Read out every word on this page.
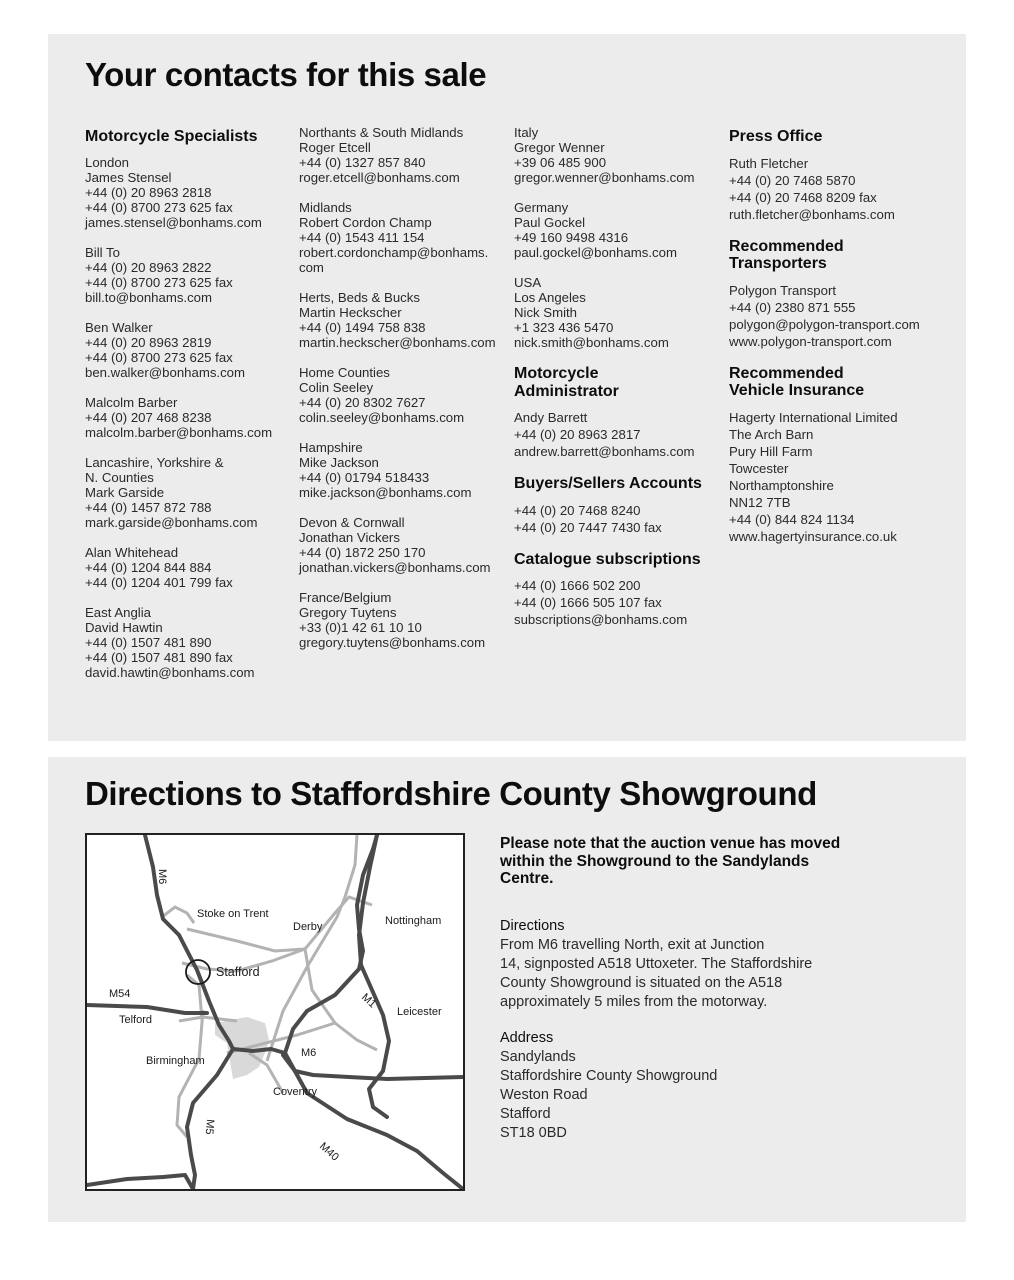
Your contacts for this sale
Motorcycle Specialists
London
James Stensel
+44 (0) 20 8963 2818
+44 (0) 8700 273 625 fax
james.stensel@bonhams.com
Bill To
+44 (0) 20 8963 2822
+44 (0) 8700 273 625 fax
bill.to@bonhams.com
Ben Walker
+44 (0) 20 8963 2819
+44 (0) 8700 273 625 fax
ben.walker@bonhams.com
Malcolm Barber
+44 (0) 207 468 8238
malcolm.barber@bonhams.com
Lancashire, Yorkshire &
N. Counties
Mark Garside
+44 (0) 1457 872 788
mark.garside@bonhams.com
Alan Whitehead
+44 (0) 1204 844 884
+44 (0) 1204 401 799 fax
East Anglia
David Hawtin
+44 (0) 1507 481 890
+44 (0) 1507 481 890 fax
david.hawtin@bonhams.com
Northants & South Midlands
Roger Etcell
+44 (0) 1327 857 840
roger.etcell@bonhams.com
Midlands
Robert Cordon Champ
+44 (0) 1543 411 154
robert.cordonchamp@bonhams.
com
Herts, Beds & Bucks
Martin Heckscher
+44 (0) 1494 758 838
martin.heckscher@bonhams.com
Home Counties
Colin Seeley
+44 (0) 20 8302 7627
colin.seeley@bonhams.com
Hampshire
Mike Jackson
+44 (0) 01794 518433
mike.jackson@bonhams.com
Devon & Cornwall
Jonathan Vickers
+44 (0) 1872 250 170
jonathan.vickers@bonhams.com
France/Belgium
Gregory Tuytens
+33 (0)1 42 61 10 10
gregory.tuytens@bonhams.com
Italy
Gregor Wenner
+39 06 485 900
gregor.wenner@bonhams.com
Germany
Paul Gockel
+49 160 9498 4316
paul.gockel@bonhams.com
USA
Los Angeles
Nick Smith
+1 323 436 5470
nick.smith@bonhams.com
Motorcycle
Administrator
Andy Barrett
+44 (0) 20 8963 2817
andrew.barrett@bonhams.com
Buyers/Sellers Accounts
+44 (0) 20 7468 8240
+44 (0) 20 7447 7430 fax
Catalogue subscriptions
+44 (0) 1666 502 200
+44 (0) 1666 505 107 fax
subscriptions@bonhams.com
Press Office
Ruth Fletcher
+44 (0) 20 7468 5870
+44 (0) 20 7468 8209 fax
ruth.fletcher@bonhams.com
Recommended
Transporters
Polygon Transport
+44 (0) 2380 871 555
polygon@polygon-transport.com
www.polygon-transport.com
Recommended
Vehicle Insurance
Hagerty International Limited
The Arch Barn
Pury Hill Farm
Towcester
Northamptonshire
NN12 7TB
+44 (0) 844 824 1134
www.hagertyinsurance.co.uk
Directions to Staffordshire County Showground
M6
Stoke on Trent
Derby	Nottingham
Stafford
M54	M1
Leicester
Telford
M6
Birmingham
Coventry
M5
M40

Please note that the auction venue has moved within the Showground to the Sandylands Centre.

Directions
From M6 travelling North, exit at Junction
14, signposted A518 Uttoxeter. The Staffordshire
County Showground is situated on the A518
approximately 5 miles from the motorway.
Address
Sandylands
Staffordshire County Showground
Weston Road
Stafford
ST18 0BD
